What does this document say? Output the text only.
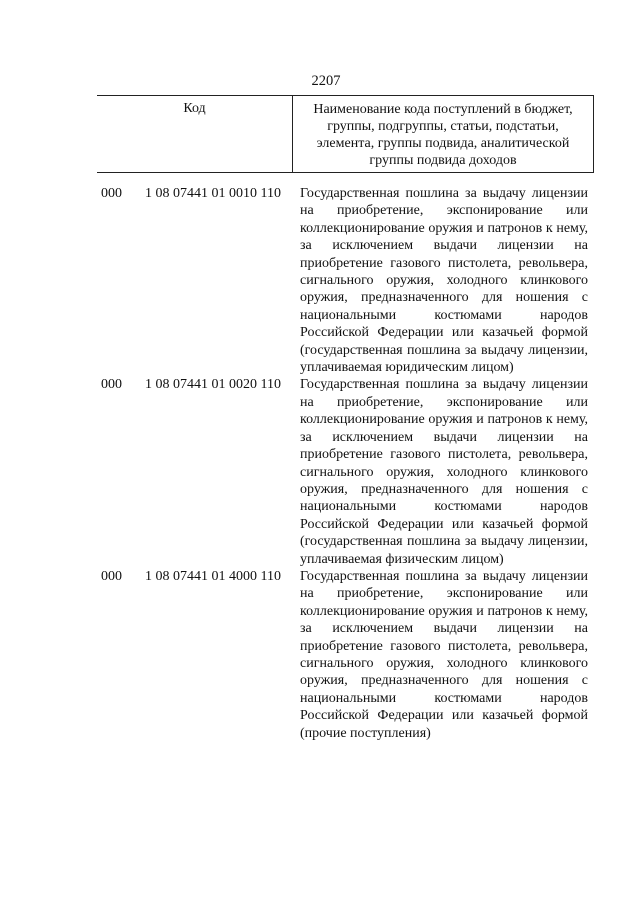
2207
Код	Наименование кода поступлений в бюджет, группы, подгруппы, статьи, подстатьи, элемента, группы подвида, аналитической группы подвида доходов
000 1 08 07441 01 0010 110 Государственная пошлина за выдачу лицензии на приобретение, экспонирование или коллекционирование оружия и патронов к нему, за исключением выдачи лицензии на приобретение газового пистолета, револьвера, сигнального оружия, холодного клинкового оружия, предназначенного для ношения с национальными костюмами народов Российской Федерации или казачьей формой (государственная пошлина за выдачу лицензии, уплачиваемая юридическим лицом)
000 1 08 07441 01 0020 110 Государственная пошлина за выдачу лицензии на приобретение, экспонирование или коллекционирование оружия и патронов к нему, за исключением выдачи лицензии на приобретение газового пистолета, револьвера, сигнального оружия, холодного клинкового оружия, предназначенного для ношения с национальными костюмами народов Российской Федерации или казачьей формой (государственная пошлина за выдачу лицензии, уплачиваемая физическим лицом)
000 1 08 07441 01 4000 110 Государственная пошлина за выдачу лицензии на приобретение, экспонирование или коллекционирование оружия и патронов к нему, за исключением выдачи лицензии на приобретение газового пистолета, револьвера, сигнального оружия, холодного клинкового оружия, предназначенного для ношения с национальными костюмами народов Российской Федерации или казачьей формой (прочие поступления)
